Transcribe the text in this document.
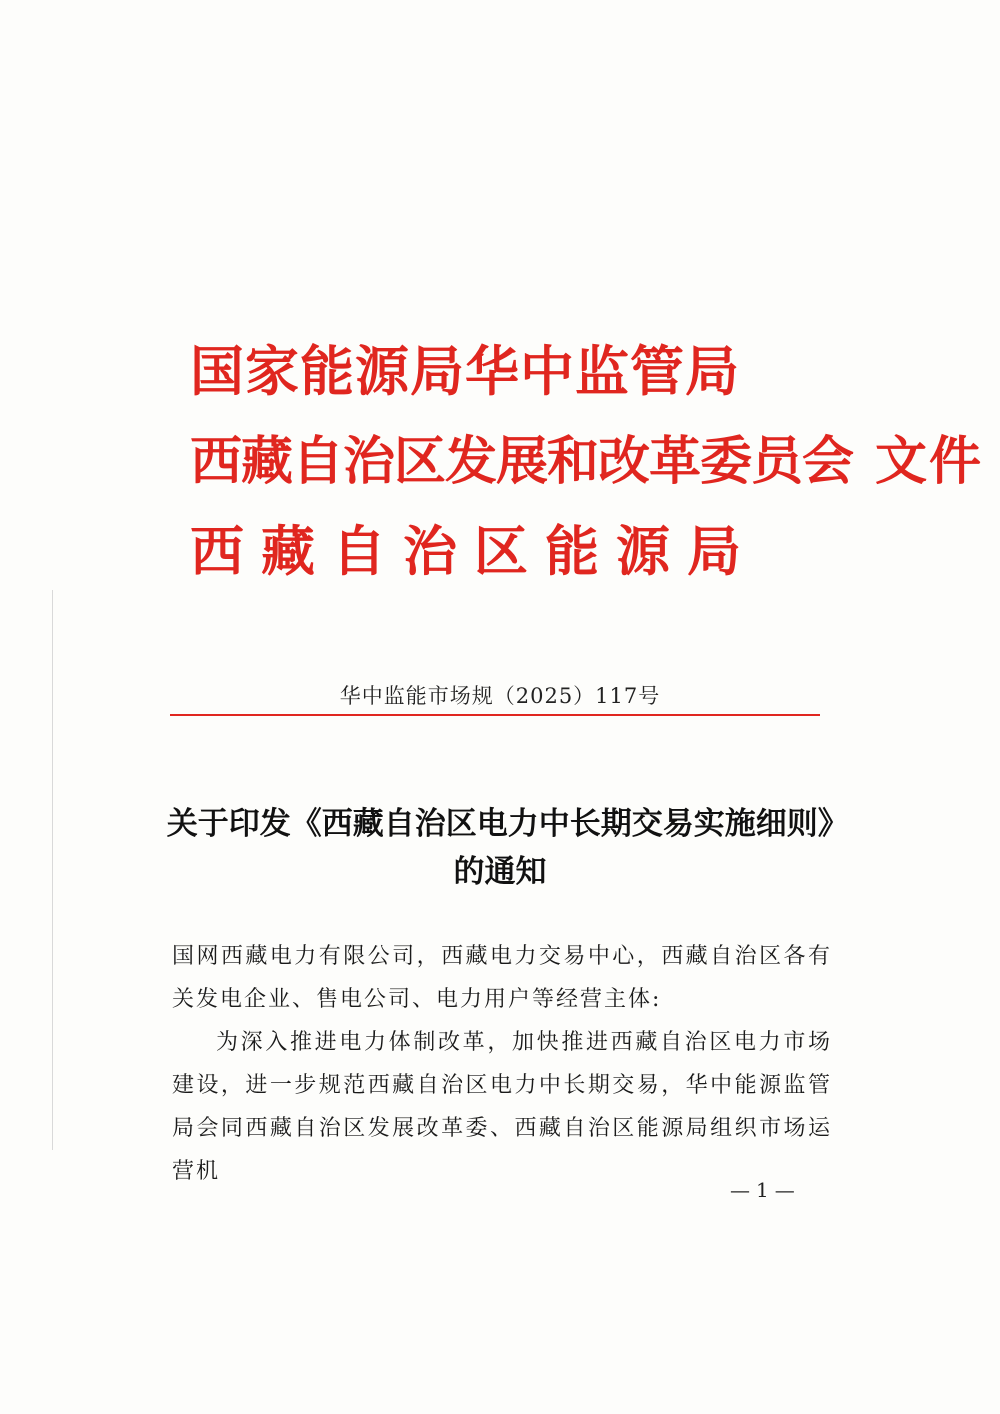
国家能源局华中监管局
西藏自治区发展和改革委员会 文件
西藏自治区能源局
华中监能市场规（2025）117号
关于印发《西藏自治区电力中长期交易实施细则》的通知

国网西藏电力有限公司，西藏电力交易中心，西藏自治区各有关发电企业、售电公司、电力用户等经营主体:

为深入推进电力体制改革，加快推进西藏自治区电力市场建设，进一步规范西藏自治区电力中长期交易，华中能源监管局会同西藏自治区发展改革委、西藏自治区能源局组织市场运营机

—1—
